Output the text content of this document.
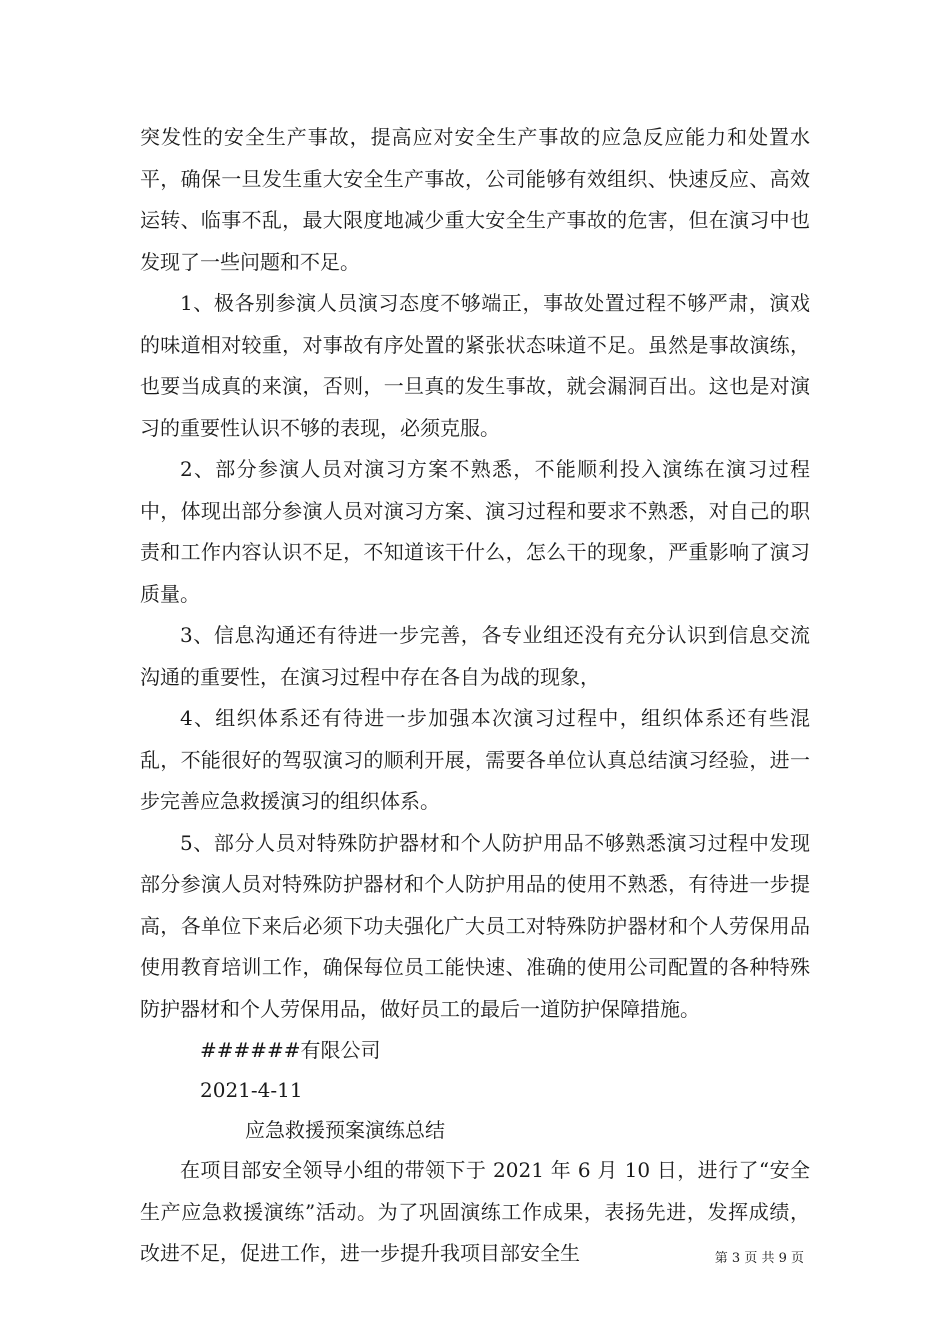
突发性的安全生产事故，提高应对安全生产事故的应急反应能力和处置水平，确保一旦发生重大安全生产事故，公司能够有效组织、快速反应、高效运转、临事不乱，最大限度地减少重大安全生产事故的危害，但在演习中也发现了一些问题和不足。

1、极各别参演人员演习态度不够端正，事故处置过程不够严肃，演戏的味道相对较重，对事故有序处置的紧张状态味道不足。虽然是事故演练，也要当成真的来演，否则，一旦真的发生事故，就会漏洞百出。这也是对演习的重要性认识不够的表现，必须克服。

2、部分参演人员对演习方案不熟悉，不能顺利投入演练在演习过程中，体现出部分参演人员对演习方案、演习过程和要求不熟悉，对自己的职责和工作内容认识不足，不知道该干什么，怎么干的现象，严重影响了演习质量。

3、信息沟通还有待进一步完善，各专业组还没有充分认识到信息交流沟通的重要性，在演习过程中存在各自为战的现象，

4、组织体系还有待进一步加强本次演习过程中，组织体系还有些混乱，不能很好的驾驭演习的顺利开展，需要各单位认真总结演习经验，进一步完善应急救援演习的组织体系。

5、部分人员对特殊防护器材和个人防护用品不够熟悉演习过程中发现部分参演人员对特殊防护器材和个人防护用品的使用不熟悉，有待进一步提高，各单位下来后必须下功夫强化广大员工对特殊防护器材和个人劳保用品使用教育培训工作，确保每位员工能快速、准确的使用公司配置的各种特殊防护器材和个人劳保用品，做好员工的最后一道防护保障措施。

######有限公司

2021-4-11

应急救援预案演练总结

在项目部安全领导小组的带领下于 2021 年 6 月 10 日，进行了“安全生产应急救援演练”活动。为了巩固演练工作成果，表扬先进，发挥成绩，改进不足，促进工作，进一步提升我项目部安全生	第 3 页 共 9 页
